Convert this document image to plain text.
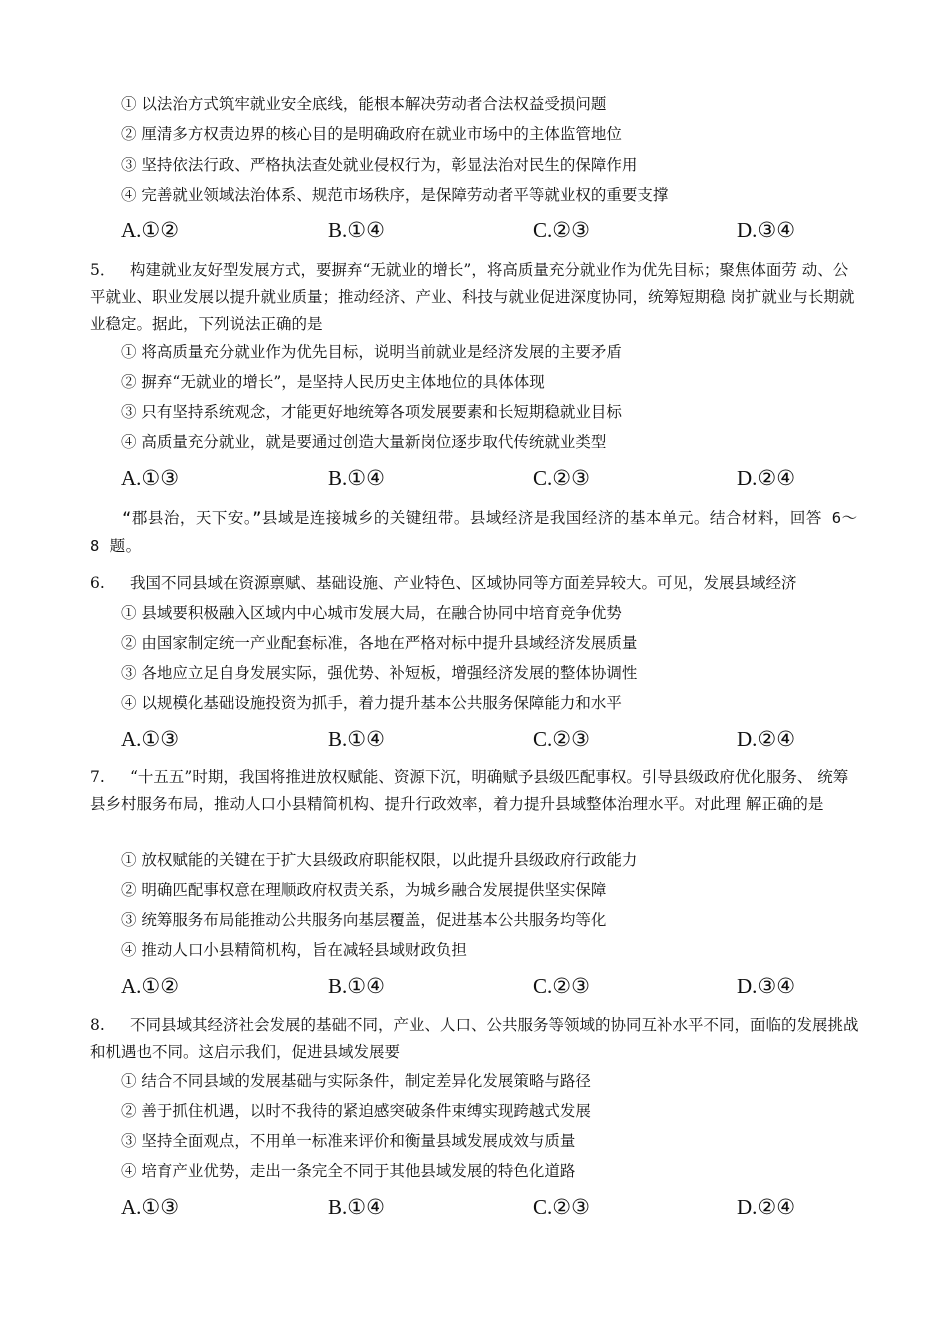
① 以法治方式筑牢就业安全底线，能根本解决劳动者合法权益受损问题
② 厘清多方权责边界的核心目的是明确政府在就业市场中的主体监管地位
③ 坚持依法行政、严格执法查处就业侵权行为，彰显法治对民生的保障作用
④ 完善就业领域法治体系、规范市场秩序，是保障劳动者平等就业权的重要支撑
A.①②	B.①④	C.②③	D.③④
5． 构建就业友好型发展方式，要摒弃“无就业的增长”，将高质量充分就业作为优先目标；聚焦体面劳 动、公平就业、职业发展以提升就业质量；推动经济、产业、科技与就业促进深度协同，统筹短期稳 岗扩就业与长期就业稳定。据此，下列说法正确的是
① 将高质量充分就业作为优先目标，说明当前就业是经济发展的主要矛盾
② 摒弃“无就业的增长”，是坚持人民历史主体地位的具体体现
③ 只有坚持系统观念，才能更好地统筹各项发展要素和长短期稳就业目标
④ 高质量充分就业，就是要通过创造大量新岗位逐步取代传统就业类型
A.①③	B.①④	C.②③	D.②④
“郡县治，天下安。”县域是连接城乡的关键纽带。县域经济是我国经济的基本单元。结合材料，回答 6～8 题。
6. 我国不同县域在资源禀赋、基础设施、产业特色、区域协同等方面差异较大。可见，发展县域经济
① 县域要积极融入区域内中心城市发展大局，在融合协同中培育竞争优势
② 由国家制定统一产业配套标准，各地在严格对标中提升县域经济发展质量
③ 各地应立足自身发展实际，强优势、补短板，增强经济发展的整体协调性
④ 以规模化基础设施投资为抓手，着力提升基本公共服务保障能力和水平
A.①③	B.①④	C.②③	D.②④
7. “十五五”时期，我国将推进放权赋能、资源下沉，明确赋予县级匹配事权。引导县级政府优化服务、 统筹县乡村服务布局，推动人口小县精简机构、提升行政效率，着力提升县域整体治理水平。对此理 解正确的是
① 放权赋能的关键在于扩大县级政府职能权限，以此提升县级政府行政能力
② 明确匹配事权意在理顺政府权责关系，为城乡融合发展提供坚实保障
③ 统筹服务布局能推动公共服务向基层覆盖，促进基本公共服务均等化
④ 推动人口小县精简机构，旨在减轻县域财政负担
A.①②	B.①④	C.②③	D.③④
8. 不同县域其经济社会发展的基础不同，产业、人口、公共服务等领域的协同互补水平不同，面临的发展挑战和机遇也不同。这启示我们，促进县域发展要
① 结合不同县域的发展基础与实际条件，制定差异化发展策略与路径
② 善于抓住机遇，以时不我待的紧迫感突破条件束缚实现跨越式发展
③ 坚持全面观点，不用单一标准来评价和衡量县域发展成效与质量
④ 培育产业优势，走出一条完全不同于其他县域发展的特色化道路
A.①③	B.①④	C.②③	D.②④
